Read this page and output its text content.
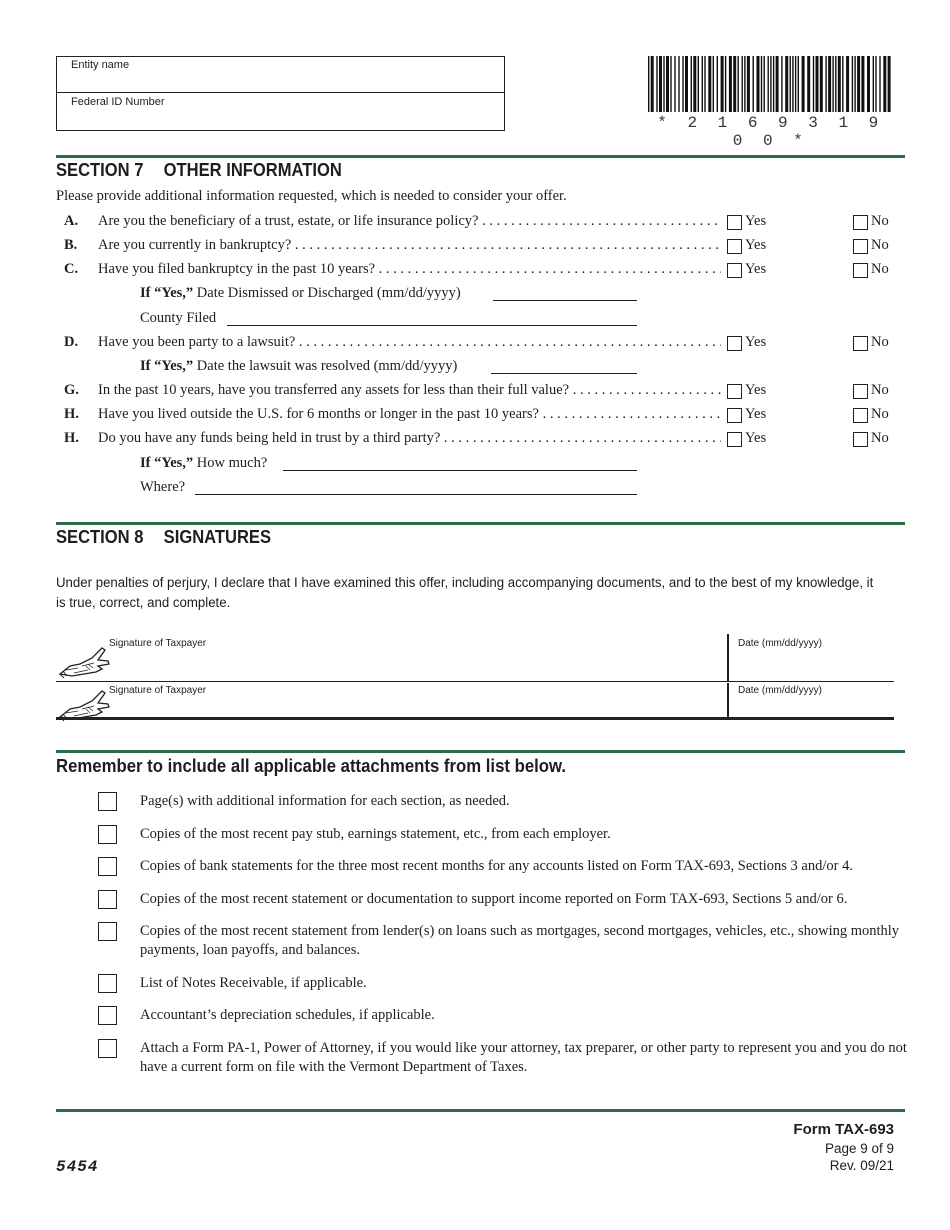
Entity name
Federal ID Number
* 2 1 6 9 3 1 9 0 0 *
SECTION 7 OTHER INFORMATION
Please provide additional information requested, which is needed to consider your offer.
A. Are you the beneficiary of a trust, estate, or life insurance policy? . . .	Yes	No
B. Are you currently in bankruptcy? . . .	Yes	No
C. Have you filed bankruptcy in the past 10 years? . . .	Yes	No
If “Yes,” Date Dismissed or Discharged (mm/dd/yyyy)
County Filed
D. Have you been party to a lawsuit? . . .	Yes	No
If “Yes,” Date the lawsuit was resolved (mm/dd/yyyy)
G. In the past 10 years, have you transferred any assets for less than their full value? . . .	Yes	No
H. Have you lived outside the U.S. for 6 months or longer in the past 10 years? . . .	Yes	No
H. Do you have any funds being held in trust by a third party? . . .	Yes	No
If “Yes,” How much?
Where?
SECTION 8 SIGNATURES
Under penalties of perjury, I declare that I have examined this offer, including accompanying documents, and to the best of my knowledge, it is true, correct, and complete.
Signature of Taxpayer	Date (mm/dd/yyyy)
Signature of Taxpayer	Date (mm/dd/yyyy)
Remember to include all applicable attachments from list below.
Page(s) with additional information for each section, as needed.
Copies of the most recent pay stub, earnings statement, etc., from each employer.
Copies of bank statements for the three most recent months for any accounts listed on Form TAX-693, Sections 3 and/or 4.
Copies of the most recent statement or documentation to support income reported on Form TAX-693, Sections 5 and/or 6.
Copies of the most recent statement from lender(s) on loans such as mortgages, second mortgages, vehicles, etc., showing monthly payments, loan payoffs, and balances.
List of Notes Receivable, if applicable.
Accountant’s depreciation schedules, if applicable.
Attach a Form PA-1, Power of Attorney, if you would like your attorney, tax preparer, or other party to represent you and you do not have a current form on file with the Vermont Department of Taxes.
Form TAX-693
Page 9 of 9
Rev. 09/21
5454
